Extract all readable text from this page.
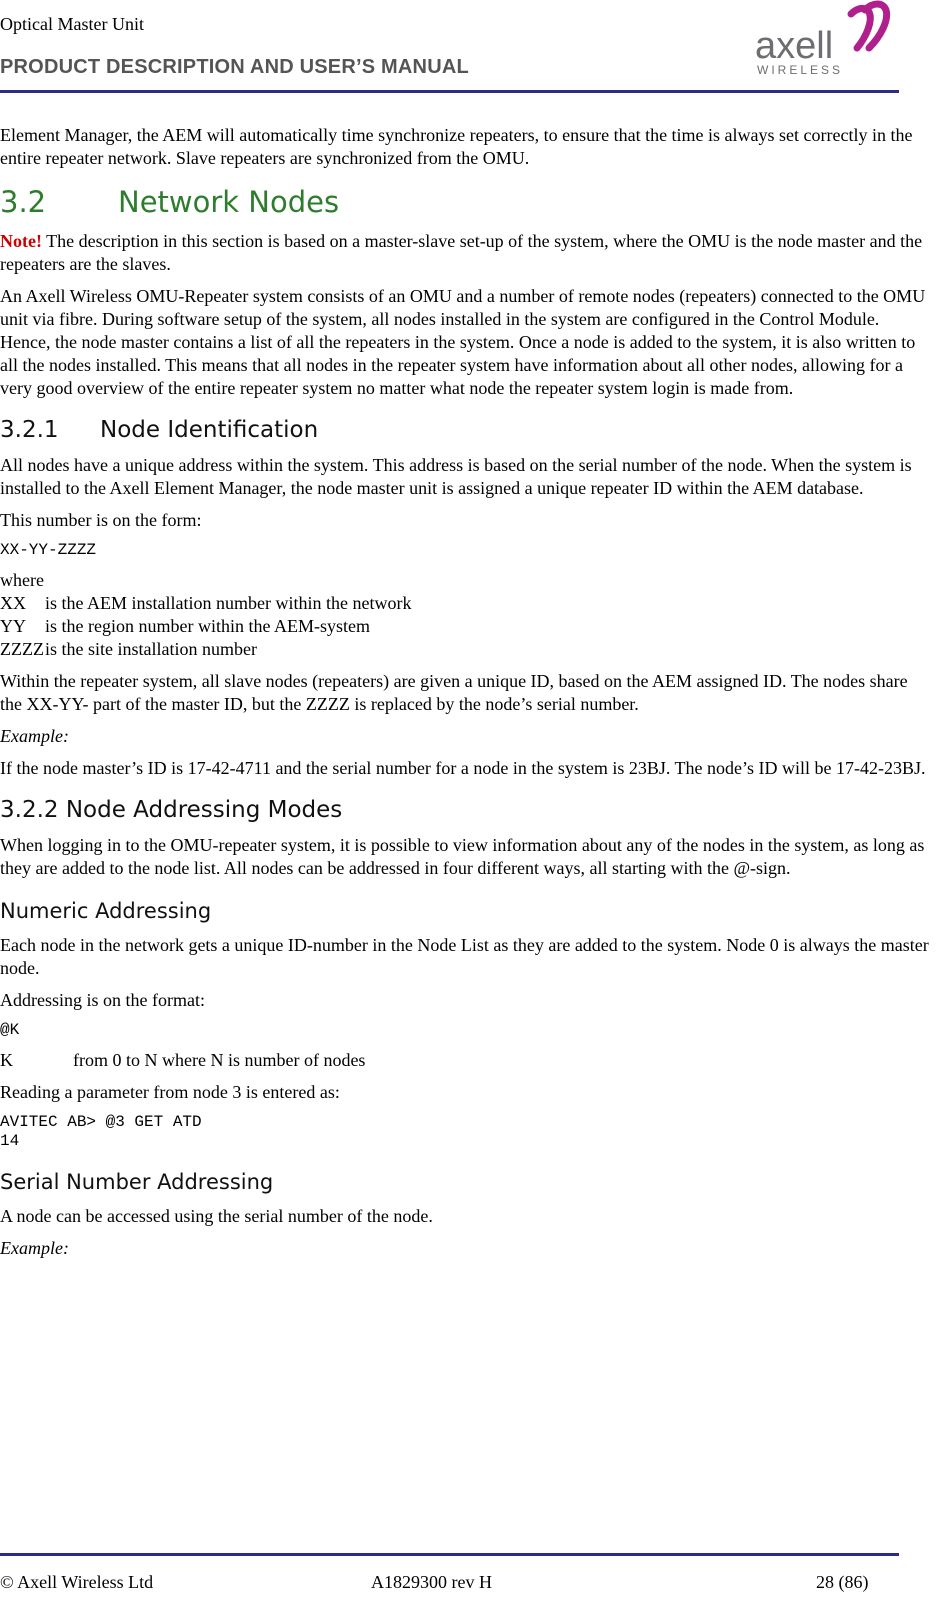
Optical Master Unit
PRODUCT DESCRIPTION AND USER’S MANUAL	axell
WIRELESS

Element Manager, the AEM will automatically time synchronize repeaters, to ensure that the time is always set correctly in the entire repeater network. Slave repeaters are synchronized from the OMU.

3.2 Network Nodes

Note! The description in this section is based on a master-slave set-up of the system, where the OMU is the node master and the repeaters are the slaves.

An Axell Wireless OMU-Repeater system consists of an OMU and a number of remote nodes (repeaters) connected to the OMU unit via fibre. During software setup of the system, all nodes installed in the system are configured in the Control Module. Hence, the node master contains a list of all the repeaters in the system. Once a node is added to the system, it is also written to all the nodes installed. This means that all nodes in the repeater system have information about all other nodes, allowing for a very good overview of the entire repeater system no matter what node the repeater system login is made from.

3.2.1 Node Identification

All nodes have a unique address within the system. This address is based on the serial number of the node. When the system is installed to the Axell Element Manager, the node master unit is assigned a unique repeater ID within the AEM database.

This number is on the form:

XX-YY-ZZZZ
where
XX	is the AEM installation number within the network
YY	is the region number within the AEM-system
ZZZZ is the site installation number

Within the repeater system, all slave nodes (repeaters) are given a unique ID, based on the AEM assigned ID. The nodes share the XX-YY- part of the master ID, but the ZZZZ is replaced by the node’s serial number.

Example:

If the node master’s ID is 17-42-4711 and the serial number for a node in the system is 23BJ. The node’s ID will be 17-42-23BJ.

3.2.2 Node Addressing Modes

When logging in to the OMU-repeater system, it is possible to view information about any of the nodes in the system, as long as they are added to the node list. All nodes can be addressed in four different ways, all starting with the @-sign.

Numeric Addressing

Each node in the network gets a unique ID-number in the Node List as they are added to the system. Node 0 is always the master node.

Addressing is on the format:

@K
K	from 0 to N where N is number of nodes

Reading a parameter from node 3 is entered as:

AVITEC AB> @3 GET ATD
14
Serial Number Addressing

A node can be accessed using the serial number of the node.

Example:

© Axell Wireless Ltd	A1829300 rev H	28 (86)
